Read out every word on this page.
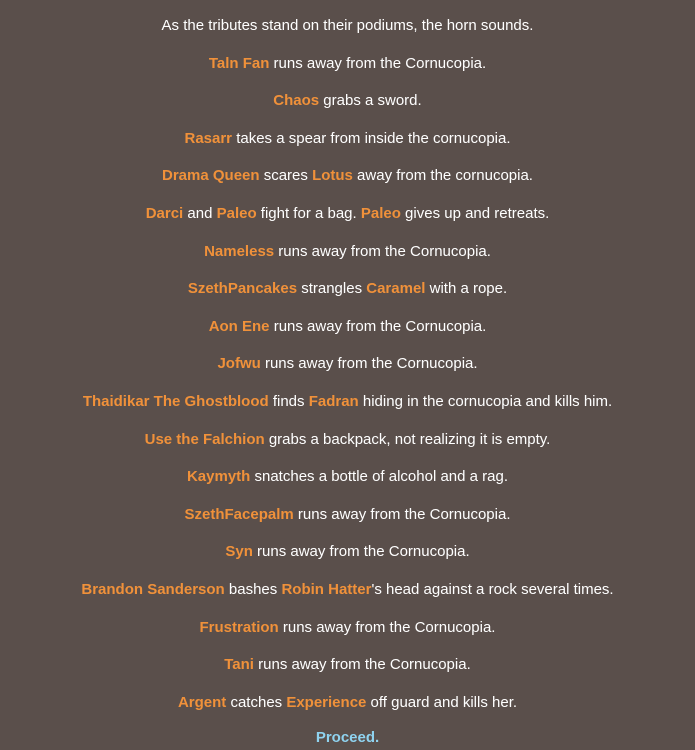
As the tributes stand on their podiums, the horn sounds.
Taln Fan runs away from the Cornucopia.
Chaos grabs a sword.
Rasarr takes a spear from inside the cornucopia.
Drama Queen scares Lotus away from the cornucopia.
Darci and Paleo fight for a bag. Paleo gives up and retreats.
Nameless runs away from the Cornucopia.
SzethPancakes strangles Caramel with a rope.
Aon Ene runs away from the Cornucopia.
Jofwu runs away from the Cornucopia.
Thaidikar The Ghostblood finds Fadran hiding in the cornucopia and kills him.
Use the Falchion grabs a backpack, not realizing it is empty.
Kaymyth snatches a bottle of alcohol and a rag.
SzethFacepalm runs away from the Cornucopia.
Syn runs away from the Cornucopia.
Brandon Sanderson bashes Robin Hatter's head against a rock several times.
Frustration runs away from the Cornucopia.
Tani runs away from the Cornucopia.
Argent catches Experience off guard and kills her.
Proceed.
